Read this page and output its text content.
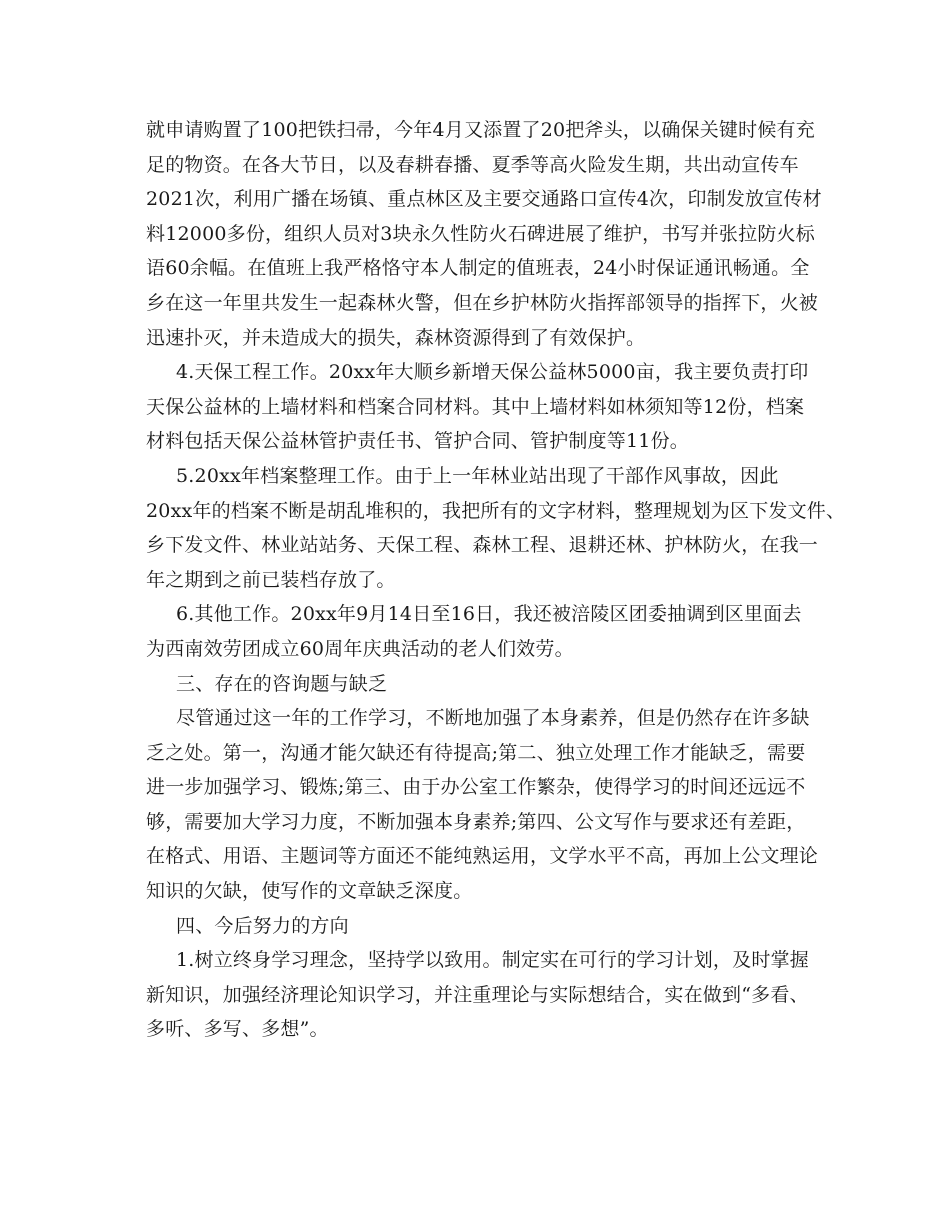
就申请购置了100把铁扫帚，今年4月又添置了20把斧头，以确保关键时候有充
足的物资。在各大节日，以及春耕春播、夏季等高火险发生期，共出动宣传车
2021次，利用广播在场镇、重点林区及主要交通路口宣传4次，印制发放宣传材
料12000多份，组织人员对3块永久性防火石碑进展了维护，书写并张拉防火标
语60余幅。在值班上我严格恪守本人制定的值班表，24小时保证通讯畅通。全
乡在这一年里共发生一起森林火警，但在乡护林防火指挥部领导的指挥下，火被
迅速扑灭，并未造成大的损失，森林资源得到了有效保护。
4.天保工程工作。20xx年大顺乡新增天保公益林5000亩，我主要负责打印
天保公益林的上墙材料和档案合同材料。其中上墙材料如林须知等12份，档案
材料包括天保公益林管护责任书、管护合同、管护制度等11份。
5.20xx年档案整理工作。由于上一年林业站出现了干部作风事故，因此
20xx年的档案不断是胡乱堆积的，我把所有的文字材料，整理规划为区下发文件、
乡下发文件、林业站站务、天保工程、森林工程、退耕还林、护林防火，在我一
年之期到之前已装档存放了。
6.其他工作。20xx年9月14日至16日，我还被涪陵区团委抽调到区里面去
为西南效劳团成立60周年庆典活动的老人们效劳。
三、存在的咨询题与缺乏
尽管通过这一年的工作学习，不断地加强了本身素养，但是仍然存在许多缺
乏之处。第一，沟通才能欠缺还有待提高;第二、独立处理工作才能缺乏，需要
进一步加强学习、锻炼;第三、由于办公室工作繁杂，使得学习的时间还远远不
够，需要加大学习力度，不断加强本身素养;第四、公文写作与要求还有差距，
在格式、用语、主题词等方面还不能纯熟运用，文学水平不高，再加上公文理论
知识的欠缺，使写作的文章缺乏深度。
四、今后努力的方向
1.树立终身学习理念，坚持学以致用。制定实在可行的学习计划，及时掌握
新知识，加强经济理论知识学习，并注重理论与实际想结合，实在做到“多看、
多听、多写、多想”。
